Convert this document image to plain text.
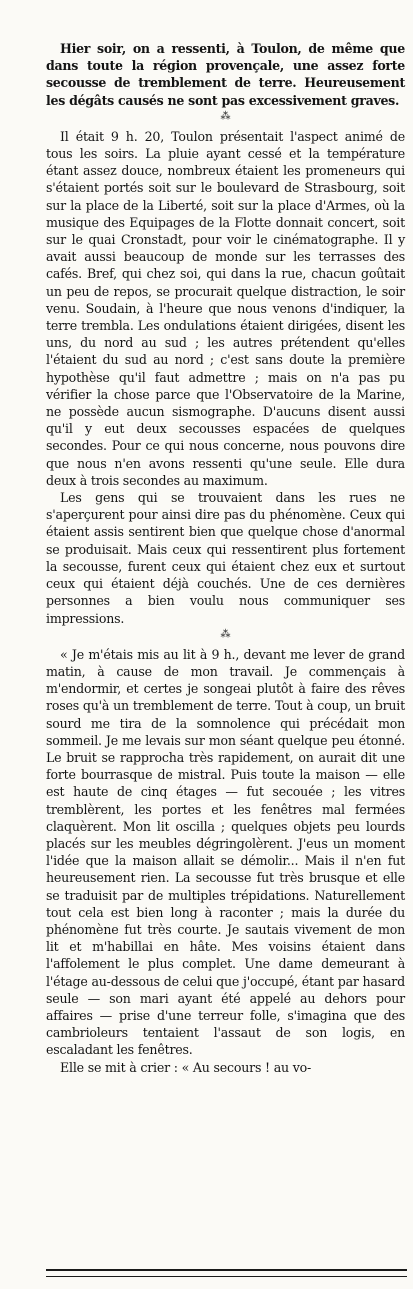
Hier soir, on a ressenti, à Toulon, de même que dans toute la région provençale, une assez forte secousse de tremblement de terre. Heureusement les dégâts causés ne sont pas excessivement graves.

⁂

Il était 9 h. 20, Toulon présentait l'aspect animé de tous les soirs. La pluie ayant cessé et la température étant assez douce, nombreux étaient les promeneurs qui s'étaient portés soit sur le boulevard de Strasbourg, soit sur la place de la Liberté, soit sur la place d'Armes, où la musique des Equipages de la Flotte donnait concert, soit sur le quai Cronstadt, pour voir le cinématographe. Il y avait aussi beaucoup de monde sur les terrasses des cafés. Bref, qui chez soi, qui dans la rue, chacun goûtait un peu de repos, se procurait quelque distraction, le soir venu. Soudain, à l'heure que nous venons d'indiquer, la terre trembla. Les ondulations étaient dirigées, disent les uns, du nord au sud ; les autres prétendent qu'elles l'étaient du sud au nord ; c'est sans doute la première hypothèse qu'il faut admettre ; mais on n'a pas pu vérifier la chose parce que l'Observatoire de la Marine, ne possède aucun sismographe. D'aucuns disent aussi qu'il y eut deux secousses espacées de quelques secondes. Pour ce qui nous concerne, nous pouvons dire que nous n'en avons ressenti qu'une seule. Elle dura deux à trois secondes au maximum.

Les gens qui se trouvaient dans les rues ne s'aperçurent pour ainsi dire pas du phénomène. Ceux qui étaient assis sentirent bien que quelque chose d'anormal se produisait. Mais ceux qui ressentirent plus fortement la secousse, furent ceux qui étaient chez eux et surtout ceux qui étaient déjà couchés. Une de ces dernières personnes a bien voulu nous communiquer ses impressions.

⁂

« Je m'étais mis au lit à 9 h., devant me lever de grand matin, à cause de mon travail. Je commençais à m'endormir, et certes je songeai plutôt à faire des rêves roses qu'à un tremblement de terre. Tout à coup, un bruit sourd me tira de la somnolence qui précédait mon sommeil. Je me levais sur mon séant quelque peu étonné. Le bruit se rapprocha très rapidement, on aurait dit une forte bourrasque de mistral. Puis toute la maison — elle est haute de cinq étages — fut secouée ; les vitres tremblèrent, les portes et les fenêtres mal fermées claquèrent. Mon lit oscilla ; quelques objets peu lourds placés sur les meubles dégringolèrent. J'eus un moment l'idée que la maison allait se démolir... Mais il n'en fut heureusement rien. La secousse fut très brusque et elle se traduisit par de multiples trépidations. Naturellement tout cela est bien long à raconter ; mais la durée du phénomène fut très courte. Je sautais vivement de mon lit et m'habillai en hâte. Mes voisins étaient dans l'affolement le plus complet. Une dame demeurant à l'étage au-dessous de celui que j'occupé, étant par hasard seule — son mari ayant été appelé au dehors pour affaires — prise d'une terreur folle, s'imagina que des cambrioleurs tentaient l'assaut de son logis, en escaladant les fenêtres.

Elle se mit à crier : « Au secours ! au vo-
